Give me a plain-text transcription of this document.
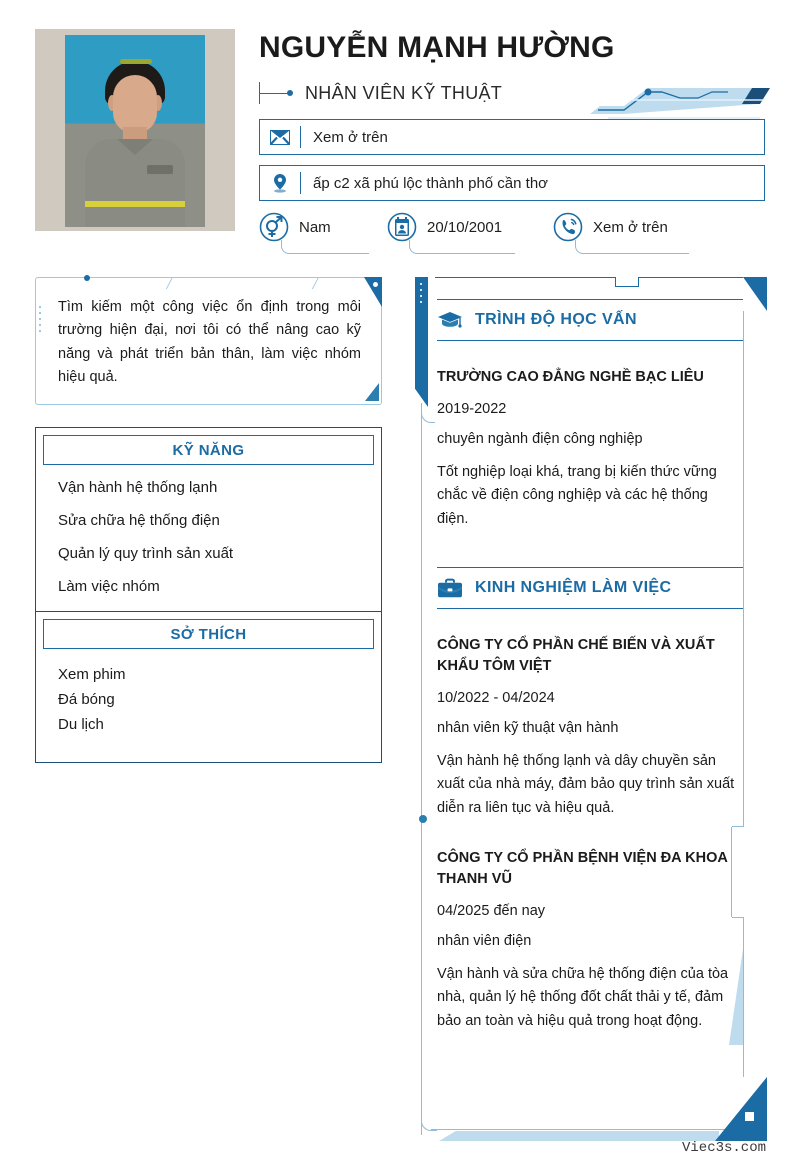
NGUYỄN MẠNH HƯỜNG
NHÂN VIÊN KỸ THUẬT
Xem ở trên
ấp c2 xã phú lộc thành phố cần thơ
Nam	20/10/2001	Xem ở trên
Tìm kiếm một công việc ổn định trong môi trường hiện đại, nơi tôi có thể nâng cao kỹ năng và phát triển bản thân, làm việc nhóm hiệu quả.
KỸ NĂNG
Vận hành hệ thống lạnh
Sửa chữa hệ thống điện
Quản lý quy trình sản xuất
Làm việc nhóm
SỞ THÍCH
Xem phim
Đá bóng
Du lịch
TRÌNH ĐỘ HỌC VẤN
TRƯỜNG CAO ĐẲNG NGHỀ BẠC LIÊU
2019-2022
chuyên ngành điện công nghiệp
Tốt nghiệp loại khá, trang bị kiến thức vững chắc về điện công nghiệp và các hệ thống điện.
KINH NGHIỆM LÀM VIỆC
CÔNG TY CỔ PHẦN CHẾ BIẾN VÀ XUẤT KHẨU TÔM VIỆT
10/2022 - 04/2024
nhân viên kỹ thuật vận hành
Vận hành hệ thống lạnh và dây chuyền sản xuất của nhà máy, đảm bảo quy trình sản xuất diễn ra liên tục và hiệu quả.
CÔNG TY CỔ PHẦN BỆNH VIỆN ĐA KHOA THANH VŨ
04/2025 đến nay
nhân viên điện
Vận hành và sửa chữa hệ thống điện của tòa nhà, quản lý hệ thống đốt chất thải y tế, đảm bảo an toàn và hiệu quả trong hoạt động.
Viec3s.com
